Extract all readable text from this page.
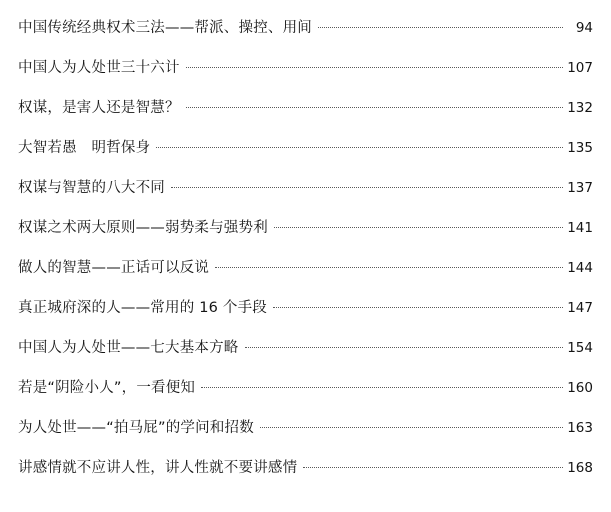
中国传统经典权术三法——帮派、操控、用间	94
中国人为人处世三十六计	107
权谋，是害人还是智慧？	132
大智若愚　明哲保身	135
权谋与智慧的八大不同	137
权谋之术两大原则——弱势柔与强势利	141
做人的智慧——正话可以反说	144
真正城府深的人——常用的 16 个手段	147
中国人为人处世——七大基本方略	154
若是“阴险小人”，一看便知	160
为人处世——“拍马屁”的学问和招数	163
讲感情就不应讲人性，讲人性就不要讲感情	168
